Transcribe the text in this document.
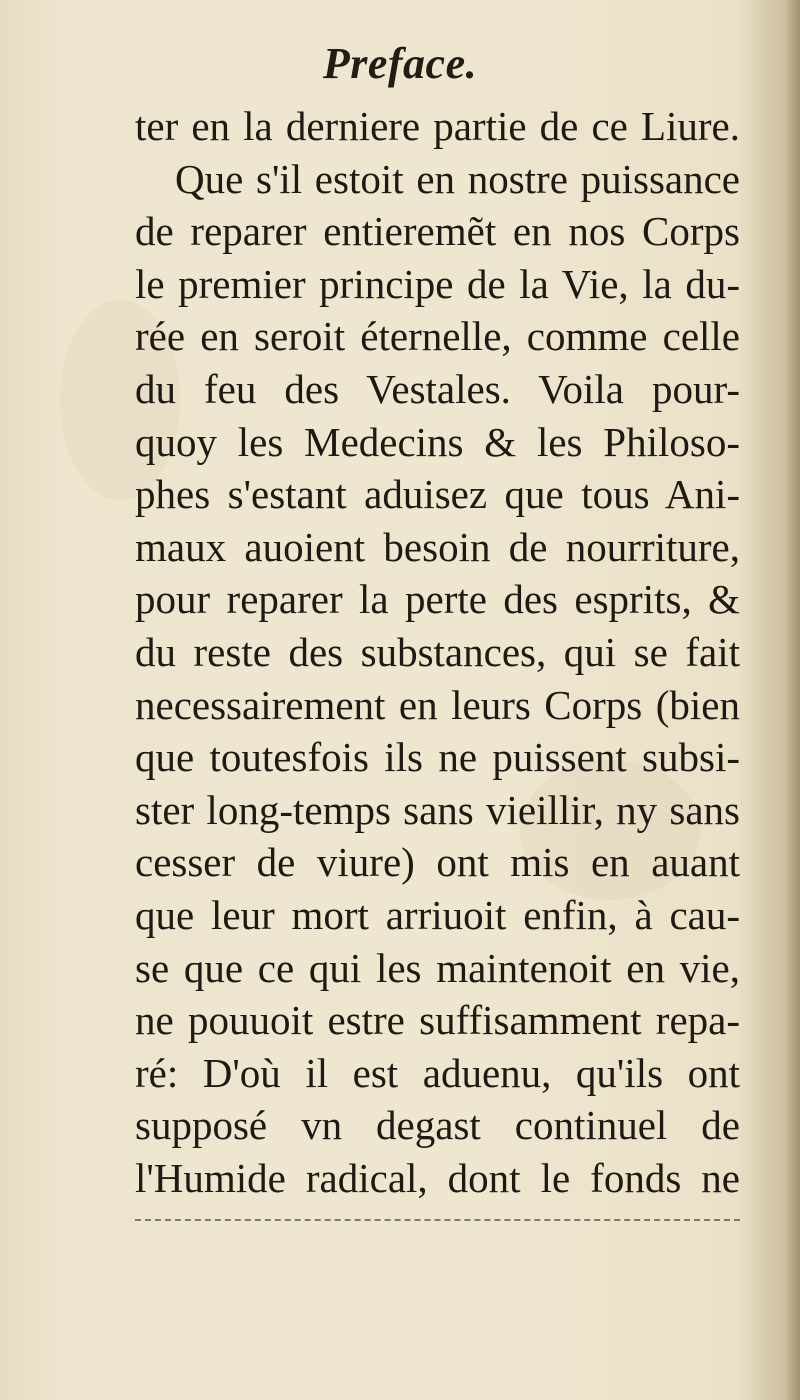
Preface.
ter en la derniere partie de ce Liure.
Que s'il estoit en nostre puissance
de reparer entieremẽt en nos Corps
le premier principe de la Vie, la du-
rée en seroit éternelle, comme celle
du feu des Vestales. Voila pour-
quoy les Medecins & les Philoso-
phes s'estant aduisez que tous Ani-
maux auoient besoin de nourriture,
pour reparer la perte des esprits, &
du reste des substances, qui se fait
necessairement en leurs Corps (bien
que toutesfois ils ne puissent subsi-
ster long-temps sans vieillir, ny sans
cesser de viure) ont mis en auant
que leur mort arriuoit enfin, à cau-
se que ce qui les maintenoit en vie,
ne pouuoit estre suffisamment repa-
ré: D'où il est aduenu, qu'ils ont
supposé vn degast continuel de
l'Humide radical, dont le fonds ne
